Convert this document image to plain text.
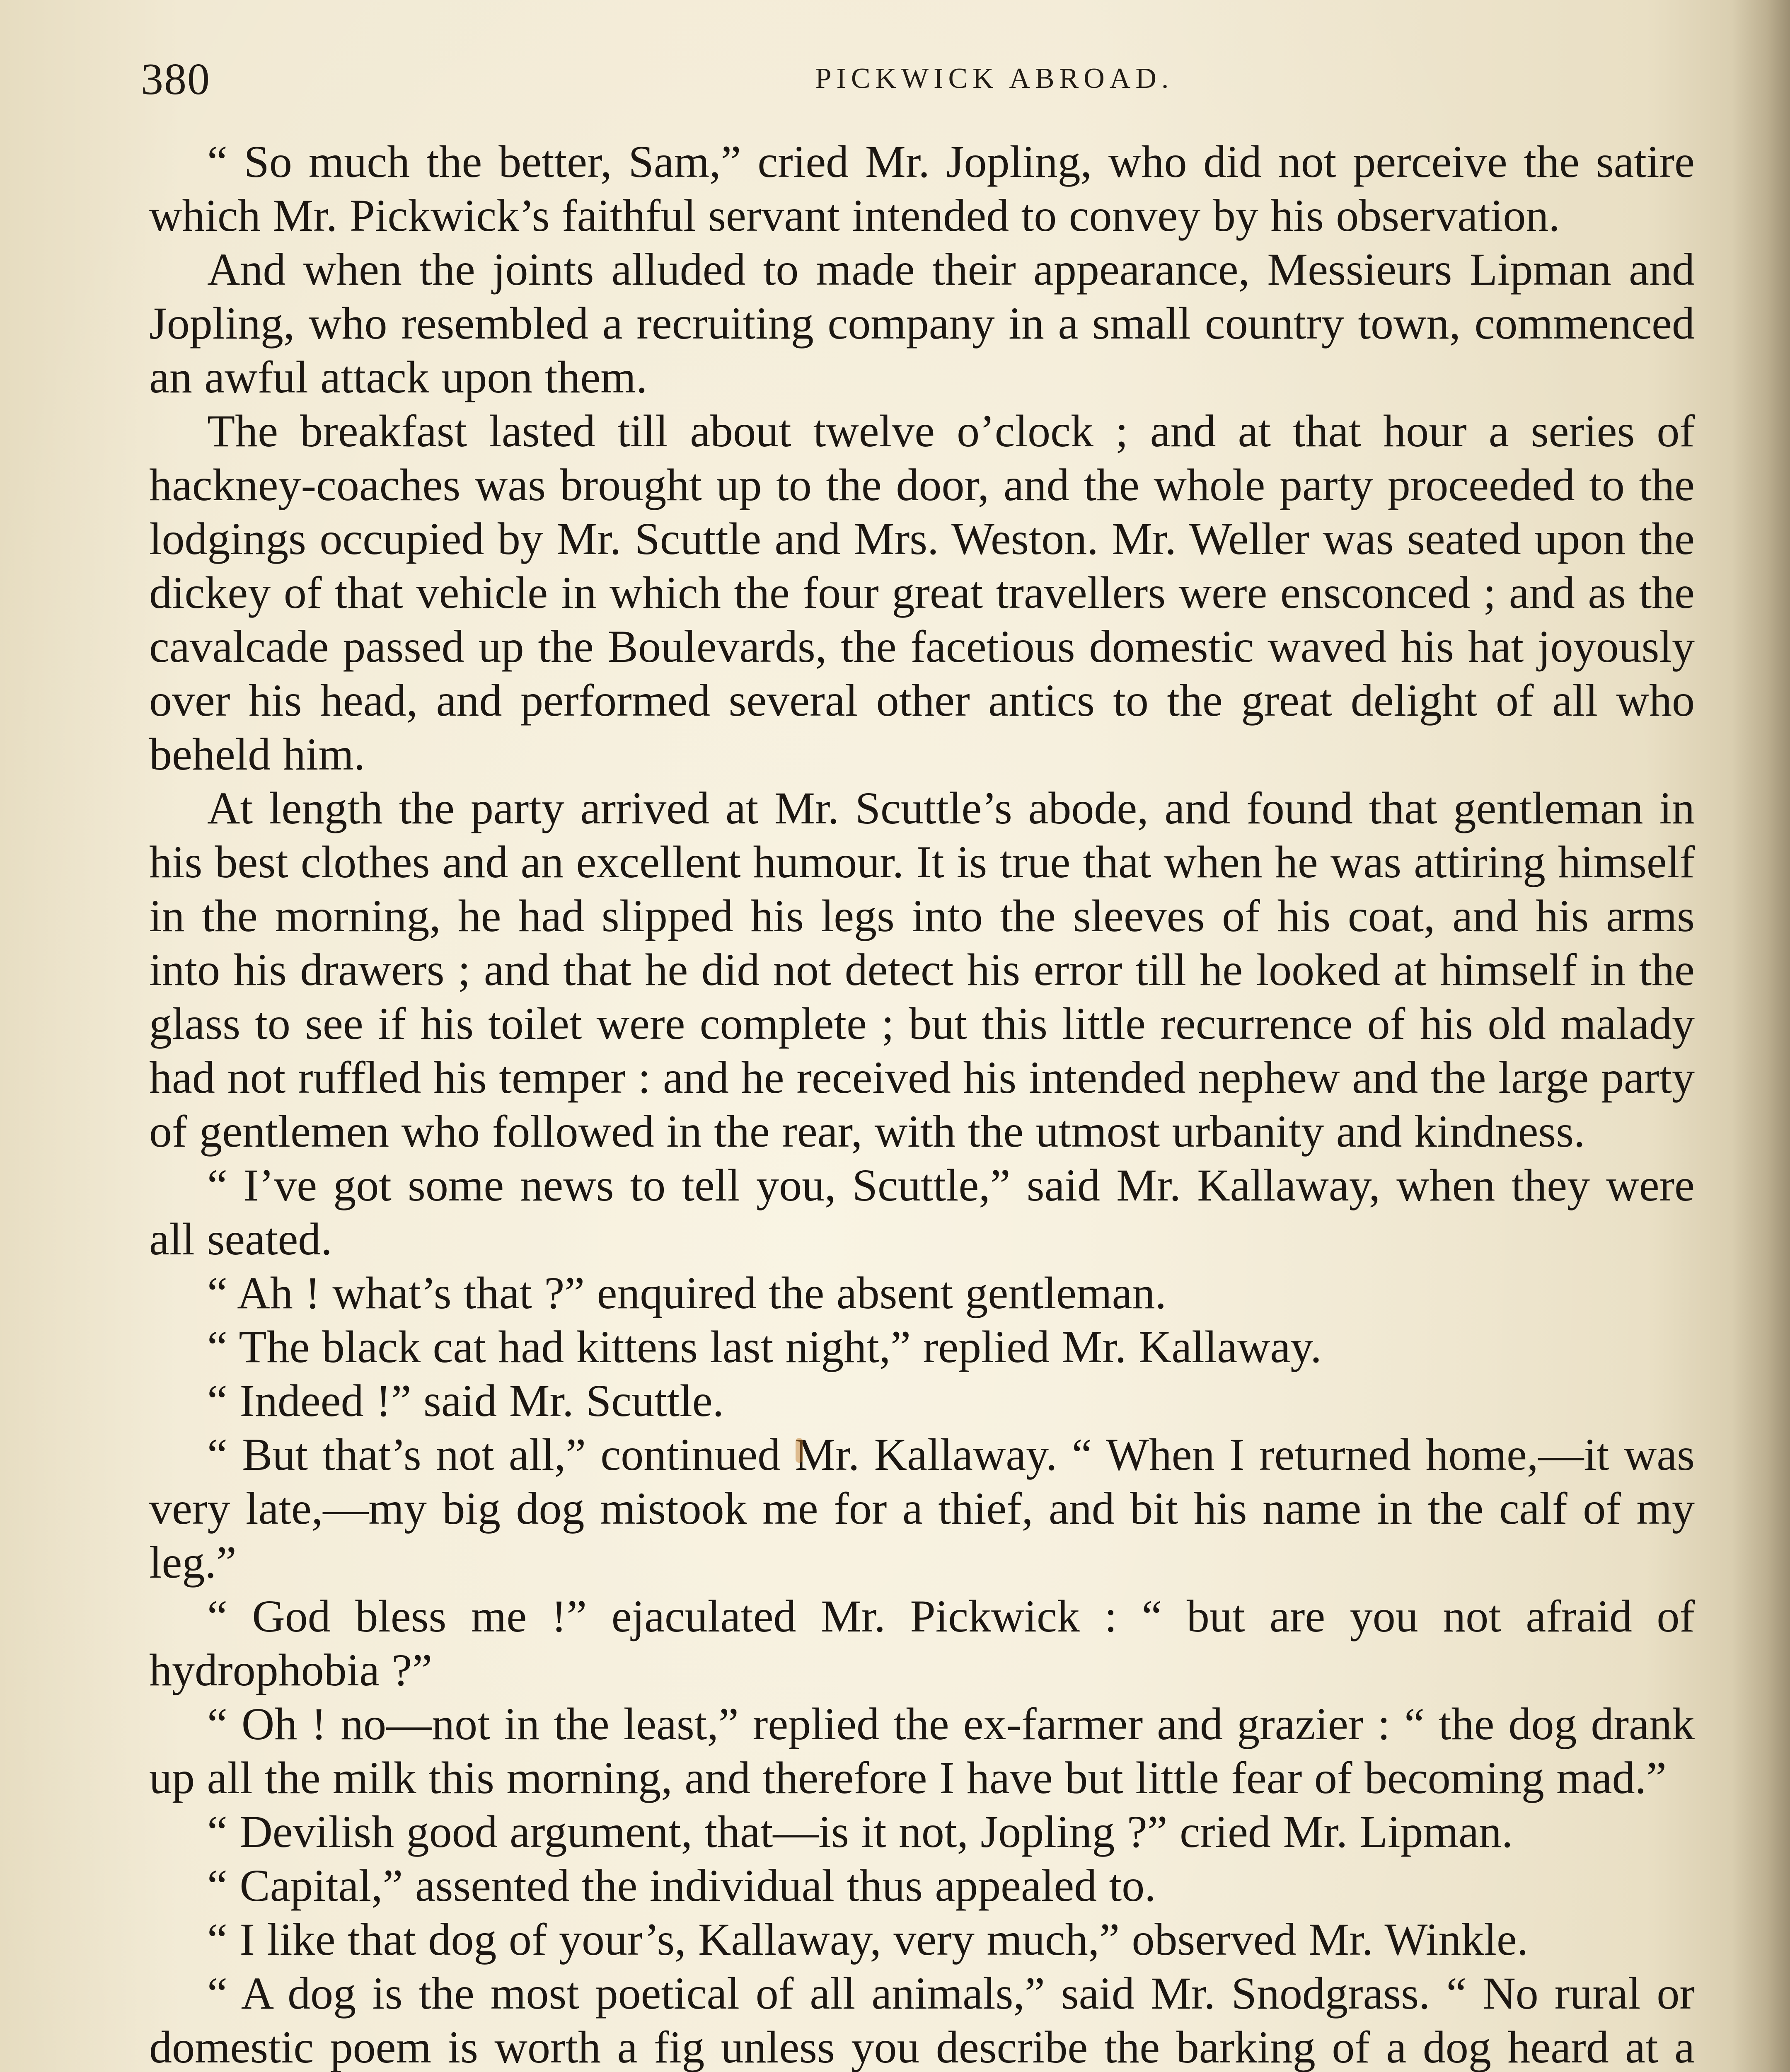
380	PICKWICK ABROAD.

“ So much the better, Sam,” cried Mr. Jopling, who did not perceive the satire which Mr. Pickwick’s faithful servant intended to convey by his observation.

And when the joints alluded to made their appearance, Messieurs Lipman and Jopling, who resembled a recruiting company in a small country town, commenced an awful attack upon them.

The breakfast lasted till about twelve o’clock ; and at that hour a series of hackney-coaches was brought up to the door, and the whole party proceeded to the lodgings occupied by Mr. Scuttle and Mrs. Weston. Mr. Weller was seated upon the dickey of that vehicle in which the four great travellers were ensconced ; and as the cavalcade passed up the Boulevards, the facetious domestic waved his hat joyously over his head, and performed several other antics to the great delight of all who beheld him.

At length the party arrived at Mr. Scuttle’s abode, and found that gentleman in his best clothes and an excellent humour. It is true that when he was attiring himself in the morning, he had slipped his legs into the sleeves of his coat, and his arms into his drawers ; and that he did not detect his error till he looked at himself in the glass to see if his toilet were complete ; but this little recurrence of his old malady had not ruffled his temper : and he received his intended nephew and the large party of gentlemen who followed in the rear, with the utmost urbanity and kindness.

“ I’ve got some news to tell you, Scuttle,” said Mr. Kallaway, when they were all seated.

“ Ah ! what’s that ?” enquired the absent gentleman.

“ The black cat had kittens last night,” replied Mr. Kallaway.

“ Indeed !” said Mr. Scuttle.

“ But that’s not all,” continued Mr. Kallaway. “ When I returned home,—it was very late,—my big dog mistook me for a thief, and bit his name in the calf of my leg.”

“ God bless me !” ejaculated Mr. Pickwick : “ but are you not afraid of hydrophobia ?”

“ Oh ! no—not in the least,” replied the ex-farmer and grazier : “ the dog drank up all the milk this morning, and therefore I have but little fear of becoming mad.”

“ Devilish good argument, that—is it not, Jopling ?” cried Mr. Lipman.

“ Capital,” assented the individual thus appealed to.

“ I like that dog of your’s, Kallaway, very much,” observed Mr. Winkle.

“ A dog is the most poetical of all animals,” said Mr. Snodgrass. “ No rural or domestic poem is worth a fig unless you describe the barking of a dog heard at a
